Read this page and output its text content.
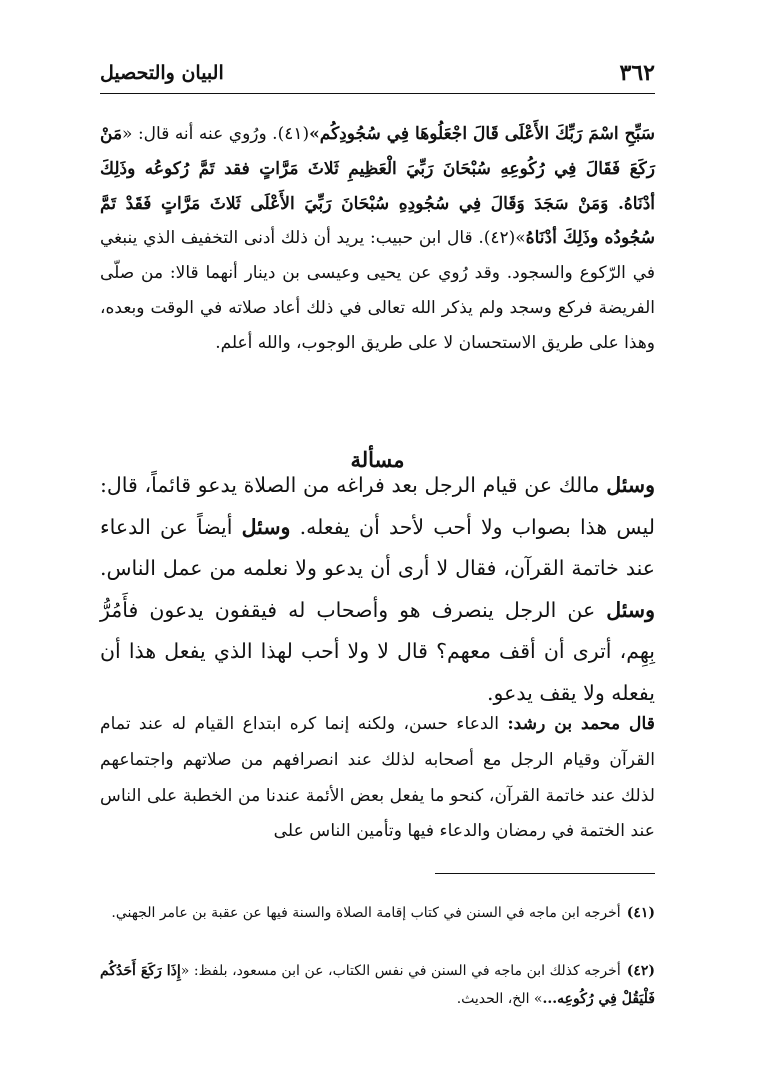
٣٦٢
البيان والتحصيل

سَبِّحِ اسْمَ رَبِّكَ الأَعْلَى قَالَ اجْعَلُوهَا فِي سُجُودِكُم»(٤١). ورُوي عنه أنه قال: «مَنْ رَكَعَ فَقَالَ فِي رُكُوعِهِ سُبْحَانَ رَبِّيَ الْعَظِيمِ ثَلاثَ مَرَّاتٍ فقد تَمَّ رُكوعُه وذَلِكَ أدْنَاهُ. وَمَنْ سَجَدَ وَقَالَ فِي سُجُودِهِ سُبْحَانَ رَبِّيَ الأَعْلَى ثَلاثَ مَرَّاتٍ فَقَدْ تَمَّ سُجُودُه وذَلِكَ أدْنَاهُ»(٤٢). قال ابن حبيب: يريد أن ذلك أدنى التخفيف الذي ينبغي في الرّكوع والسجود. وقد رُوي عن يحيى وعيسى بن دينار أنهما قالا: من صلّى الفريضة فركع وسجد ولم يذكر الله تعالى في ذلك أعاد صلاته في الوقت وبعده، وهذا على طريق الاستحسان لا على طريق الوجوب، والله أعلم.

مسألة

وسئل مالك عن قيام الرجل بعد فراغه من الصلاة يدعو قائماً، قال: ليس هذا بصواب ولا أحب لأحد أن يفعله. وسئل أيضاً عن الدعاء عند خاتمة القرآن، فقال لا أرى أن يدعو ولا نعلمه من عمل الناس. وسئل عن الرجل ينصرف هو وأصحاب له فيقفون يدعون فأَمُرُّ بِهِم، أترى أن أقف معهم؟ قال لا ولا أحب لهذا الذي يفعل هذا أن يفعله ولا يقف يدعو.

قال محمد بن رشد: الدعاء حسن، ولكنه إنما كره ابتداع القيام له عند تمام القرآن وقيام الرجل مع أصحابه لذلك عند انصرافهم من صلاتهم واجتماعهم لذلك عند خاتمة القرآن، كنحو ما يفعل بعض الأئمة عندنا من الخطبة على الناس عند الختمة في رمضان والدعاء فيها وتأمين الناس على

(٤١)أخرجه ابن ماجه في السنن في كتاب إقامة الصلاة والسنة فيها عن عقبة بن عامر الجهني.
(٤٢)أخرجه كذلك ابن ماجه في السنن في نفس الكتاب، عن ابن مسعود، بلفظ: «إِذَا رَكَعَ أَحَدُكُم فَلْيَقُلْ فِي رُكُوعِه...» الخ، الحديث.
